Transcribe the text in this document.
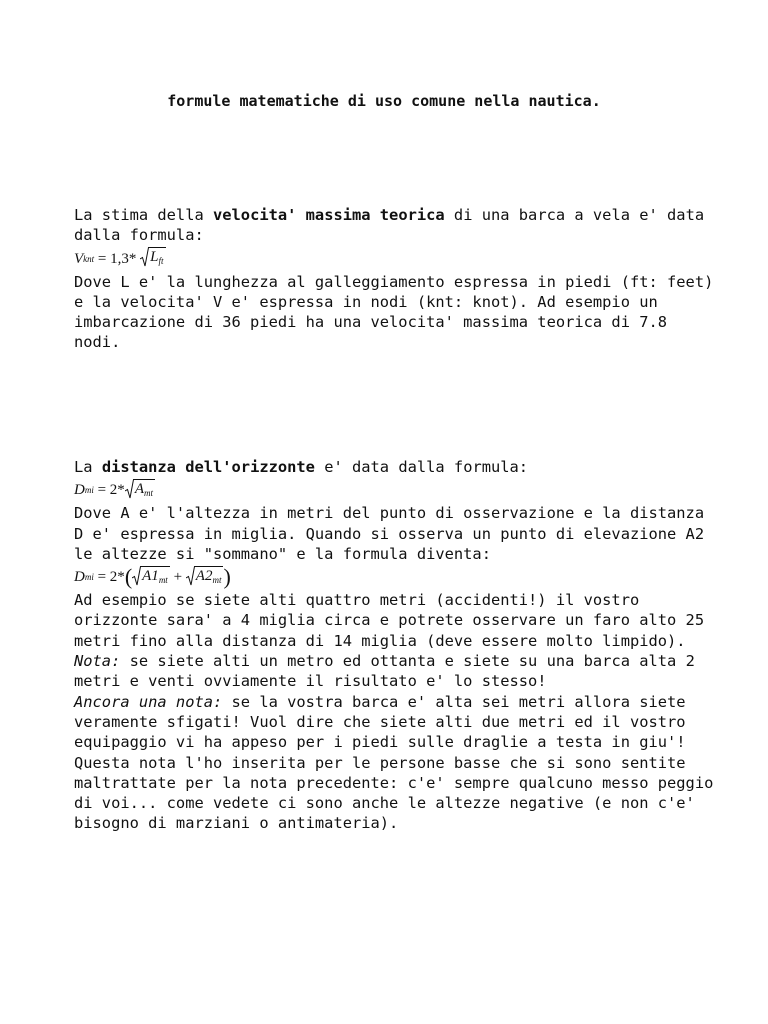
formule matematiche di uso comune nella nautica.

La stima della velocita' massima teorica di una barca a vela e' data dalla formula:

V knt = 1,3* $L_{ft}$

Dove L e' la lunghezza al galleggiamento espressa in piedi (ft: feet) e la velocita' V e' espressa in nodi (knt: knot). Ad esempio un imbarcazione di 36 piedi ha una velocita' massima teorica di 7.8 nodi.

La distanza dell'orizzonte e' data dalla formula:

D mi = 2* $A_{mt}$

Dove A e' l'altezza in metri del punto di osservazione e la distanza D e' espressa in miglia. Quando si osserva un punto di elevazione A2 le altezze si "sommano" e la formula diventa:

D mi = 2* ( $A1_{mt} + A2_{mt}$ )

Ad esempio se siete alti quattro metri (accidenti!) il vostro orizzonte sara' a 4 miglia circa e potrete osservare un faro alto 25 metri fino alla distanza di 14 miglia (deve essere molto limpido).

Nota: se siete alti un metro ed ottanta e siete su una barca alta 2 metri e venti ovviamente il risultato e' lo stesso!

Ancora una nota: se la vostra barca e' alta sei metri allora siete veramente sfigati! Vuol dire che siete alti due metri ed il vostro equipaggio vi ha appeso per i piedi sulle draglie a testa in giu'! Questa nota l'ho inserita per le persone basse che si sono sentite maltrattate per la nota precedente: c'e' sempre qualcuno messo peggio di voi... come vedete ci sono anche le altezze negative (e non c'e' bisogno di marziani o antimateria).
